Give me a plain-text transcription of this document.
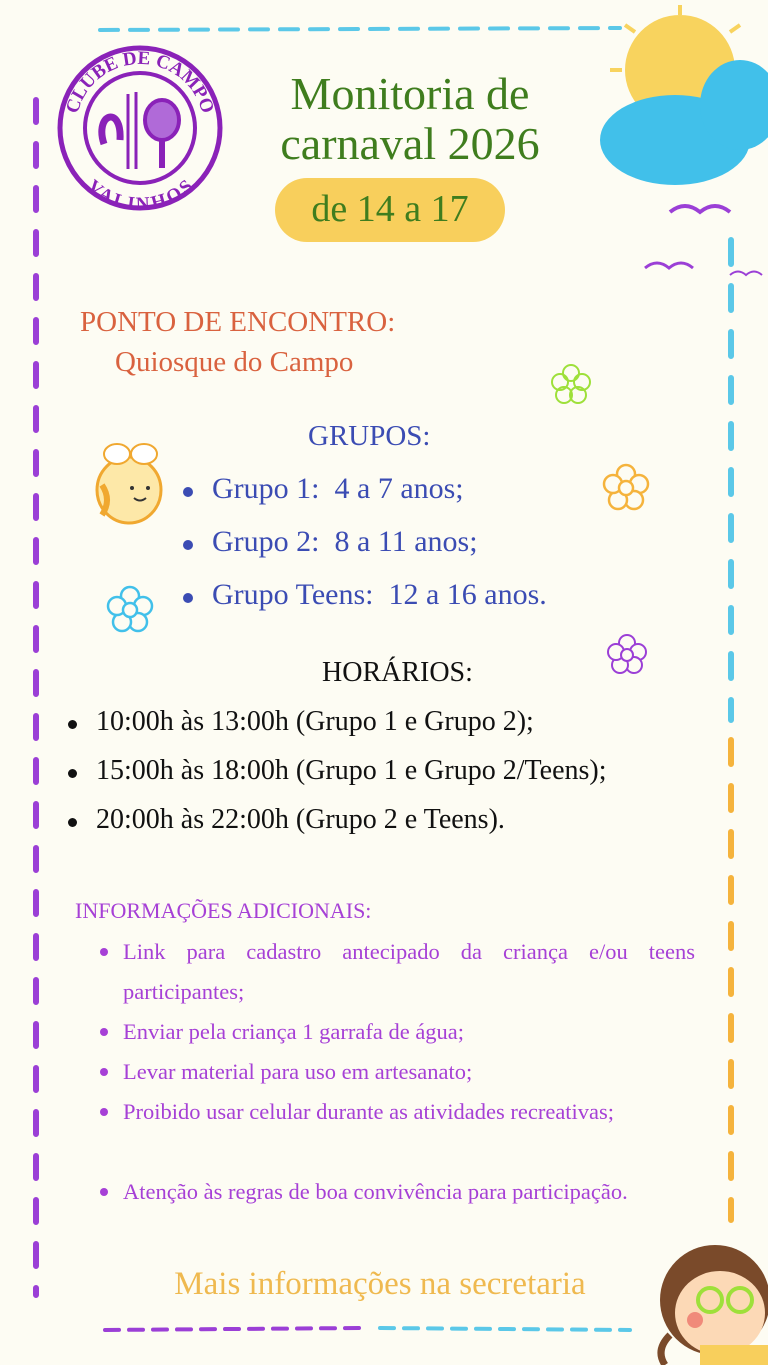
CLUBE DE CAMPO
VALINHOS
Monitoria de
carnaval 2026
de 14 a 17
PONTO DE ENCONTRO:
Quiosque do Campo
GRUPOS:
Grupo 1: 4 a 7 anos;
Grupo 2: 8 a 11 anos;
Grupo Teens: 12 a 16 anos.
HORÁRIOS:
10:00h às 13:00h (Grupo 1 e Grupo 2);
15:00h às 18:00h (Grupo 1 e Grupo 2/Teens);
20:00h às 22:00h (Grupo 2 e Teens).
INFORMAÇÕES ADICIONAIS:
Link para cadastro antecipado da criança e/ou teens participantes;
Enviar pela criança 1 garrafa de água;
Levar material para uso em artesanato;
Proibido usar celular durante as atividades recreativas;
Atenção às regras de boa convivência para participação.
Mais informações na secretaria
